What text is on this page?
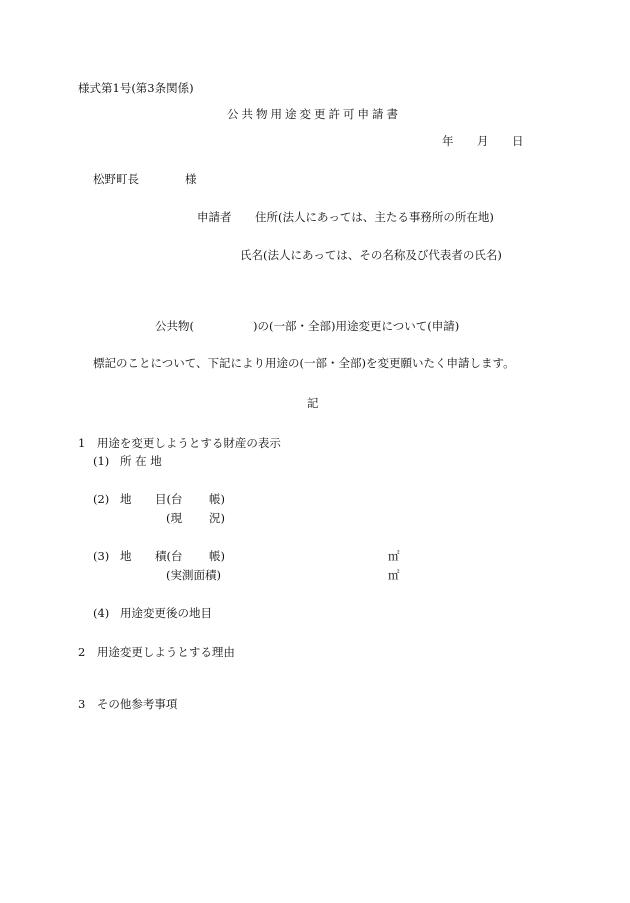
様式第1号(第3条関係)
公共物用途変更許可申請書
年 月 日
松野町長	様
申請者 住所(法人にあっては、主たる事務所の所在地)
氏名(法人にあっては、その名称及び代表者の氏名)
公共物(	)の(一部・全部)用途変更について(申請)
標記のことについて、下記により用途の(一部・全部)を変更願いたく申請します。
記
1　用途を変更しようとする財産の表示
(1) 所 在 地
(2) 地 目(台 帳)
(現 況)
(3) 地 積(台 帳)	㎡
(実測面積)	㎡
(4) 用途変更後の地目
2　用途変更しようとする理由
3　その他参考事項
